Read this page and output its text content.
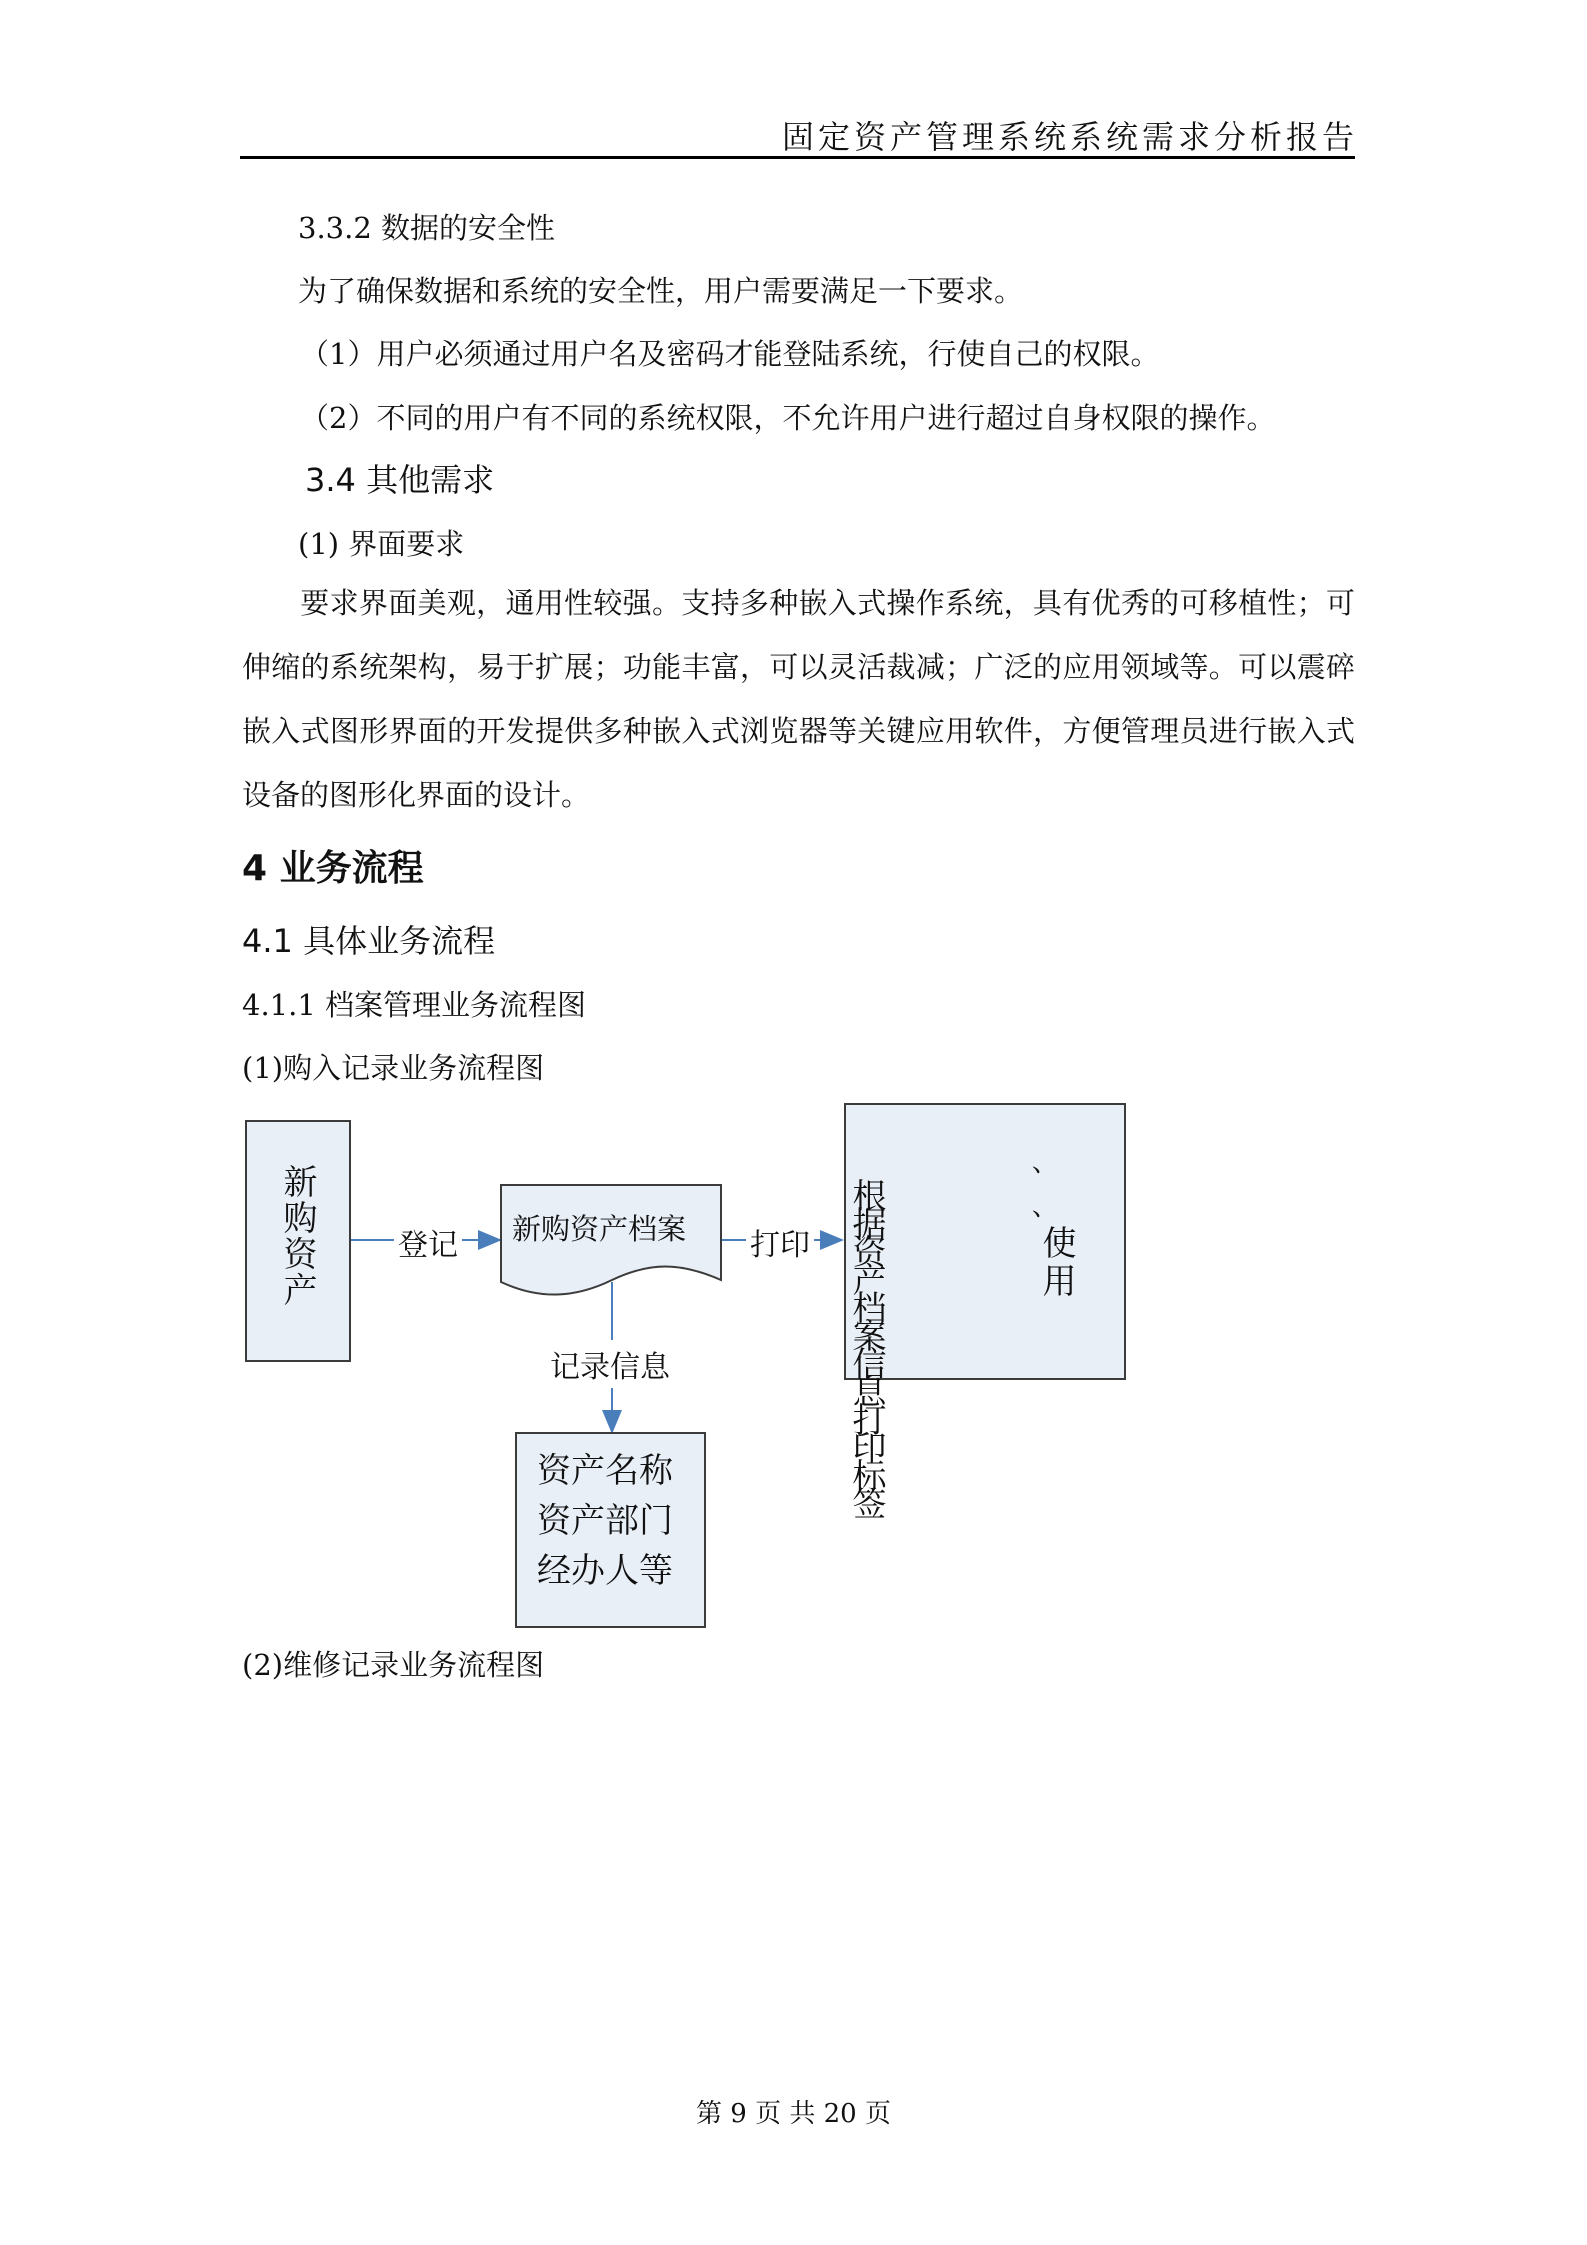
固定资产管理系统系统需求分析报告
3.3.2 数据的安全性
为了确保数据和系统的安全性，用户需要满足一下要求。
（1）用户必须通过用户名及密码才能登陆系统，行使自己的权限。
（2）不同的用户有不同的系统权限，不允许用户进行超过自身权限的操作。
3.4 其他需求
(1) 界面要求
要求界面美观，通用性较强。支持多种嵌入式操作系统，具有优秀的可移植性；可伸缩的系统架构，易于扩展；功能丰富，可以灵活裁减；广泛的应用领域等。可以震碎嵌入式图形界面的开发提供多种嵌入式浏览器等关键应用软件，方便管理员进行嵌入式设备的图形化界面的设计。
4 业务流程
4.1 具体业务流程
4.1.1 档案管理业务流程图
(1)购入记录业务流程图
新购资产	登记 新购资产档案 打印
记录信息
资产名称
资产部门
经办人等
、、
使用
根据资产档案信息打印标签
(2)维修记录业务流程图
第 9 页 共 20 页
